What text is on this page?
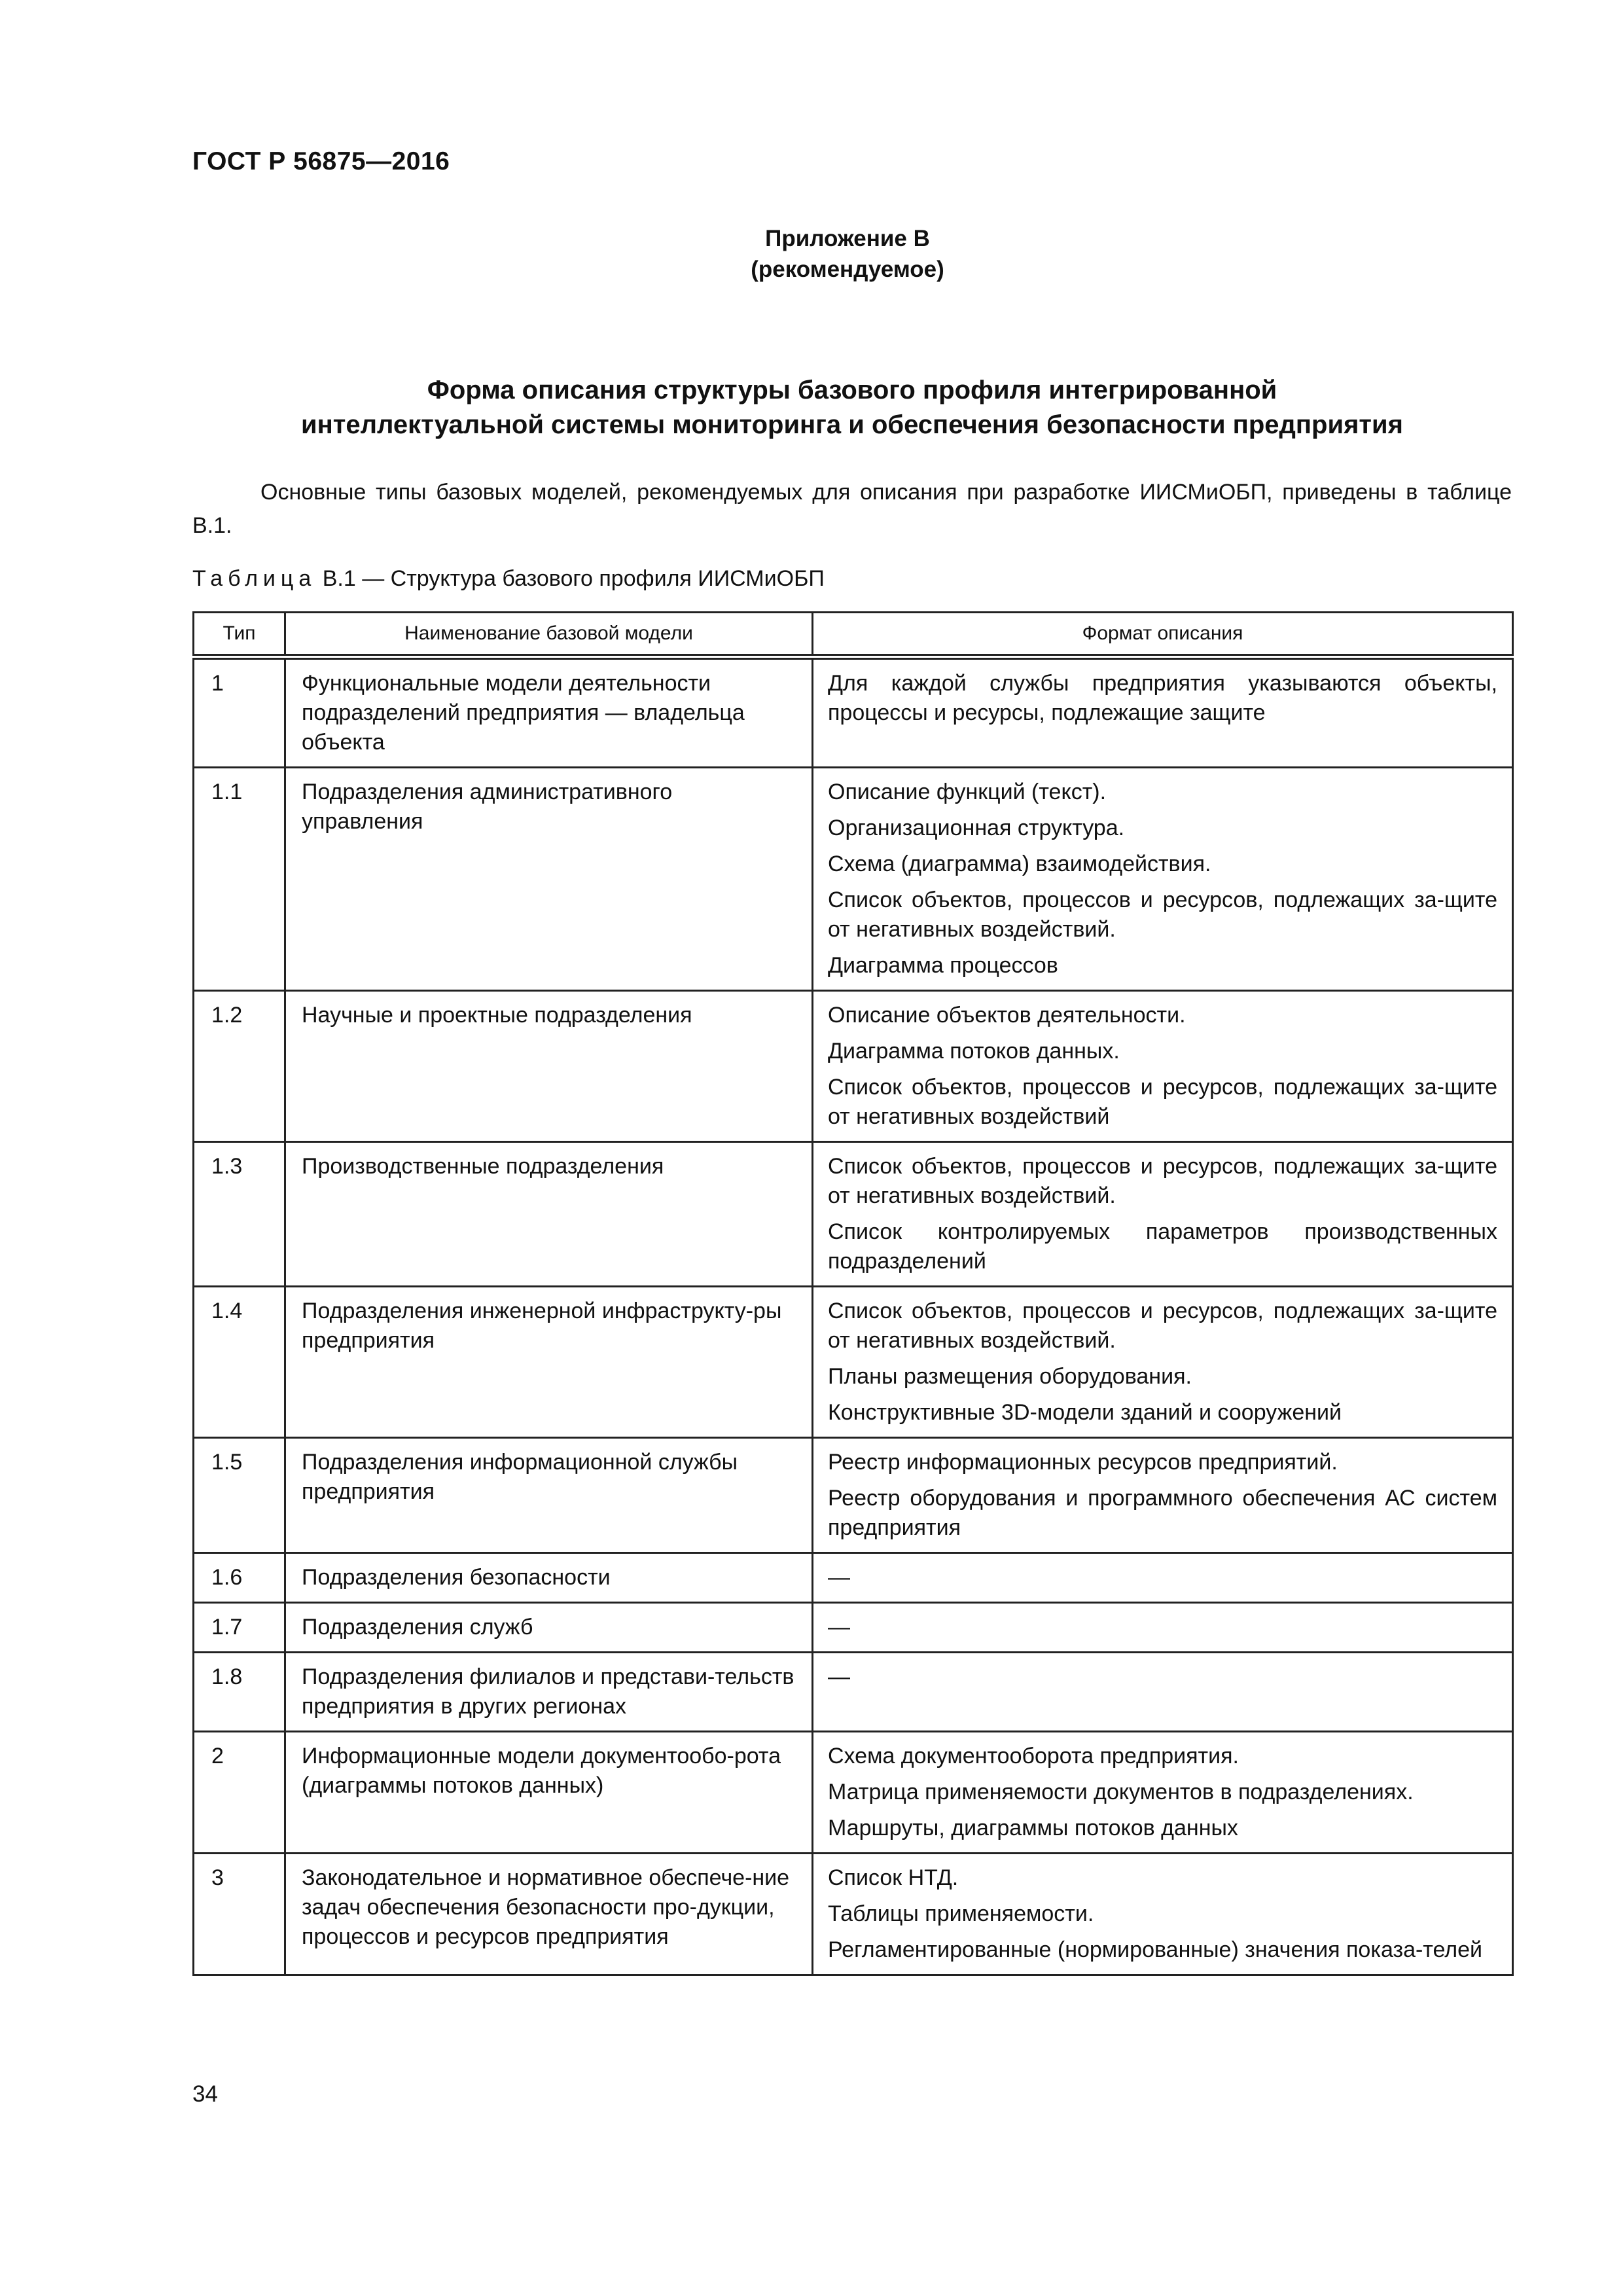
ГОСТ Р 56875—2016
Приложение В
(рекомендуемое)
Форма описания структуры базового профиля интегрированной
интеллектуальной системы мониторинга и обеспечения безопасности предприятия
Основные типы базовых моделей, рекомендуемых для описания при разработке ИИСМиОБП, приведены в таблице В.1.
Таблица В.1 — Структура базового профиля ИИСМиОБП
Тип	Наименование базовой модели	Формат описания
1	Функциональные модели деятельности подразделений предприятия — владельца объекта	Для каждой службы предприятия указываются объекты, процессы и ресурсы, подлежащие защите

1.1	Подразделения административного управления	Описание функций (текст).

Организационная структура.

Схема (диаграмма) взаимодействия.

Список объектов, процессов и ресурсов, подлежащих за-щите от негативных воздействий.

Диаграмма процессов

1.2	Научные и проектные подразделения	Описание объектов деятельности.

Диаграмма потоков данных.

Список объектов, процессов и ресурсов, подлежащих за-щите от негативных воздействий

1.3	Производственные подразделения	Список объектов, процессов и ресурсов, подлежащих за-щите от негативных воздействий.

Список контролируемых параметров производственных подразделений

1.4	Подразделения инженерной инфраструкту-ры предприятия	Список объектов, процессов и ресурсов, подлежащих за-щите от негативных воздействий.

Планы размещения оборудования.

Конструктивные 3D-модели зданий и сооружений

1.5	Подразделения информационной службы предприятия	Реестр информационных ресурсов предприятий.

Реестр оборудования и программного обеспечения АС систем предприятия

1.6	Подразделения безопасности	—

1.7	Подразделения служб	—

1.8	Подразделения филиалов и представи-тельств предприятия в других регионах	—

2	Информационные модели документообо-рота (диаграммы потоков данных)	Схема документооборота предприятия.

Матрица применяемости документов в подразделениях.

Маршруты, диаграммы потоков данных

3	Законодательное и нормативное обеспече-ние задач обеспечения безопасности про-дукции, процессов и ресурсов предприятия	Список НТД.

Таблицы применяемости.

Регламентированные (нормированные) значения показа-телей

34
